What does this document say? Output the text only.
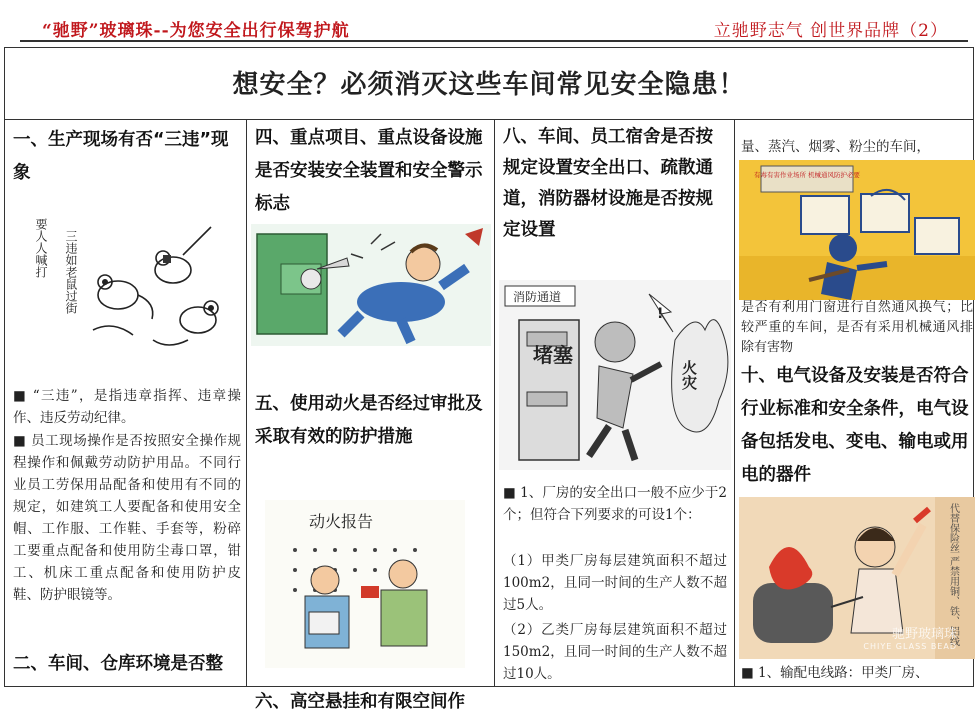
“驰野”玻璃珠--为您安全出行保驾护航	立驰野志气 创世界品牌（2）
想安全？必须消灭这些车间常见安全隐患！
一、生产现场有否“三违”现象
要人人喊打 三违如老鼠过街
■ “三违”，是指违章指挥、违章操作、违反劳动纪律。
■ 员工现场操作是否按照安全操作规程操作和佩戴劳动防护用品。不同行业员工劳保用品配备和使用有不同的规定，如建筑工人要配备和使用安全帽、工作服、工作鞋、手套等，粉碎工要重点配备和使用防尘毒口罩，钳工、机床工重点配备和使用防护皮鞋、防护眼镜等。
二、车间、仓库环境是否整
四、重点项目、重点设备设施是否安装安全装置和安全警示标志
五、使用动火是否经过审批及采取有效的防护措施
动火报告
六、高空悬挂和有限空间作
八、车间、员工宿舍是否按规定设置安全出口、疏散通道，消防器材设施是否按规定设置
消防通道
堵塞
!
火灾
■ 1、厂房的安全出口一般不应少于2个；但符合下列要求的可设1个：
（1）甲类厂房每层建筑面积不超过100m2，且同一时间的生产人数不超过5人。
（2）乙类厂房每层建筑面积不超过150m2，且同一时间的生产人数不超过10人。
量、蒸汽、烟雾、粉尘的车间，
有毒有害作业场所 机械通风防护必要
是否有利用门窗进行自然通风换气；比较严重的车间，是否有采用机械通风排除有害物
十、电气设备及安装是否符合行业标准和安全条件，电气设备包括发电、变电、输电或用电的器件
代替保险丝 严禁用铜、铁、铝线
驰野玻璃珠
CHIYE GLASS BEAD
■ 1、输配电线路：甲类厂房、
